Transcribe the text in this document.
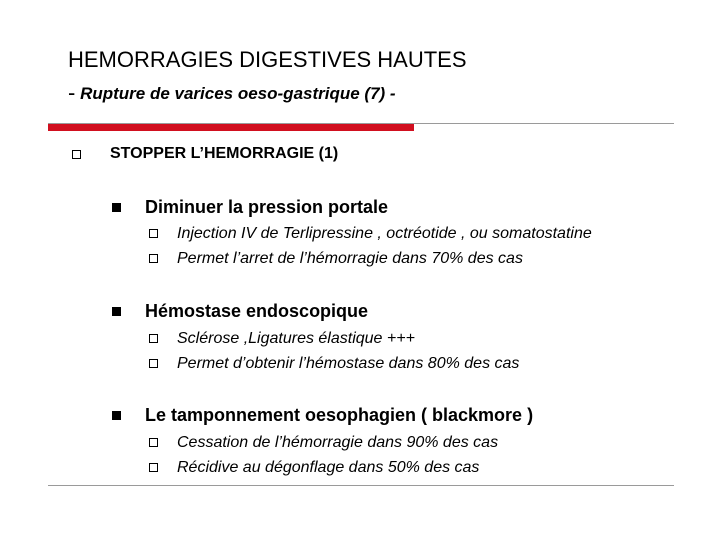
HEMORRAGIES DIGESTIVES HAUTES
- Rupture de varices oeso-gastrique (7) -
STOPPER L’HEMORRAGIE (1)
Diminuer la pression portale
Injection IV de Terlipressine , octréotide , ou somatostatine
Permet l’arret de l’hémorragie dans 70% des cas
Hémostase endoscopique
Sclérose ,Ligatures élastique +++
Permet d’obtenir l’hémostase dans 80% des cas
Le tamponnement oesophagien ( blackmore )
Cessation de l’hémorragie dans 90% des cas
Récidive au dégonflage dans 50% des cas
